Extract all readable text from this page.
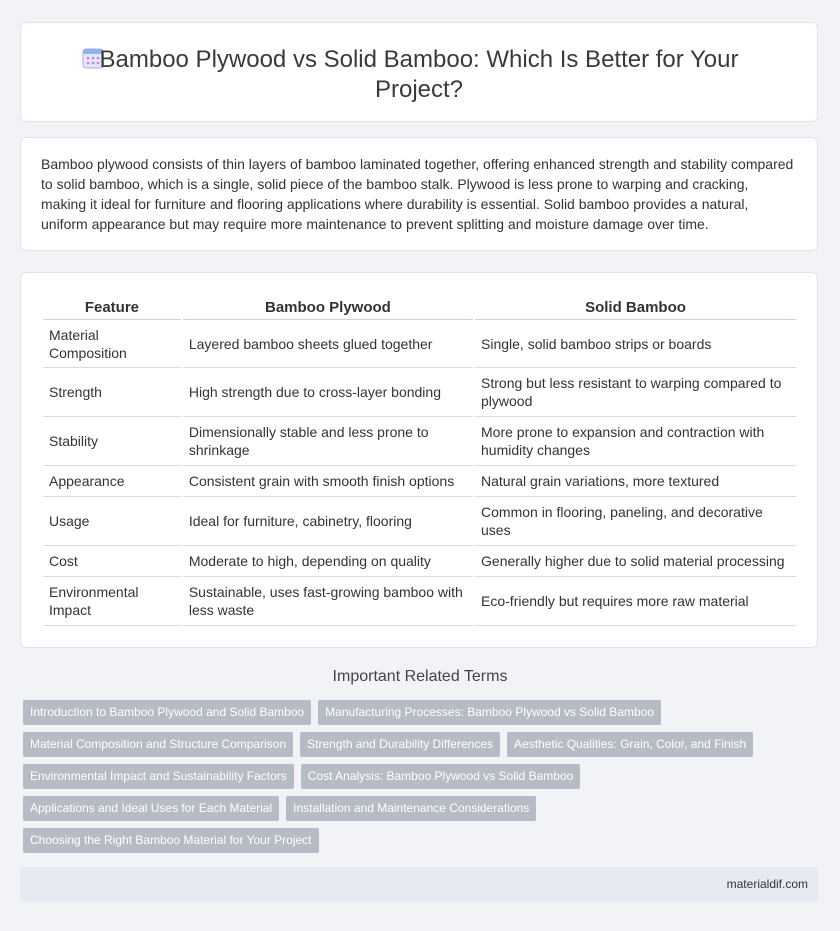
Bamboo Plywood vs Solid Bamboo: Which Is Better for Your Project?

Bamboo plywood consists of thin layers of bamboo laminated together, offering enhanced strength and stability compared to solid bamboo, which is a single, solid piece of the bamboo stalk. Plywood is less prone to warping and cracking, making it ideal for furniture and flooring applications where durability is essential. Solid bamboo provides a natural, uniform appearance but may require more maintenance to prevent splitting and moisture damage over time.

Feature	Bamboo Plywood	Solid Bamboo
Material Composition	Layered bamboo sheets glued together	Single, solid bamboo strips or boards
Strength	High strength due to cross-layer bonding	Strong but less resistant to warping compared to plywood
Stability	Dimensionally stable and less prone to shrinkage	More prone to expansion and contraction with humidity changes
Appearance	Consistent grain with smooth finish options	Natural grain variations, more textured
Usage	Ideal for furniture, cabinetry, flooring	Common in flooring, paneling, and decorative uses
Cost	Moderate to high, depending on quality	Generally higher due to solid material processing
Environmental Impact	Sustainable, uses fast-growing bamboo with less waste	Eco-friendly but requires more raw material
Important Related Terms
Introduction to Bamboo Plywood and Solid Bamboo	Manufacturing Processes: Bamboo Plywood vs Solid Bamboo
Material Composition and Structure Comparison	Strength and Durability Differences	Aesthetic Qualities: Grain, Color, and Finish
Environmental Impact and Sustainability Factors	Cost Analysis: Bamboo Plywood vs Solid Bamboo
Applications and Ideal Uses for Each Material	Installation and Maintenance Considerations
Choosing the Right Bamboo Material for Your Project
materialdif.com
